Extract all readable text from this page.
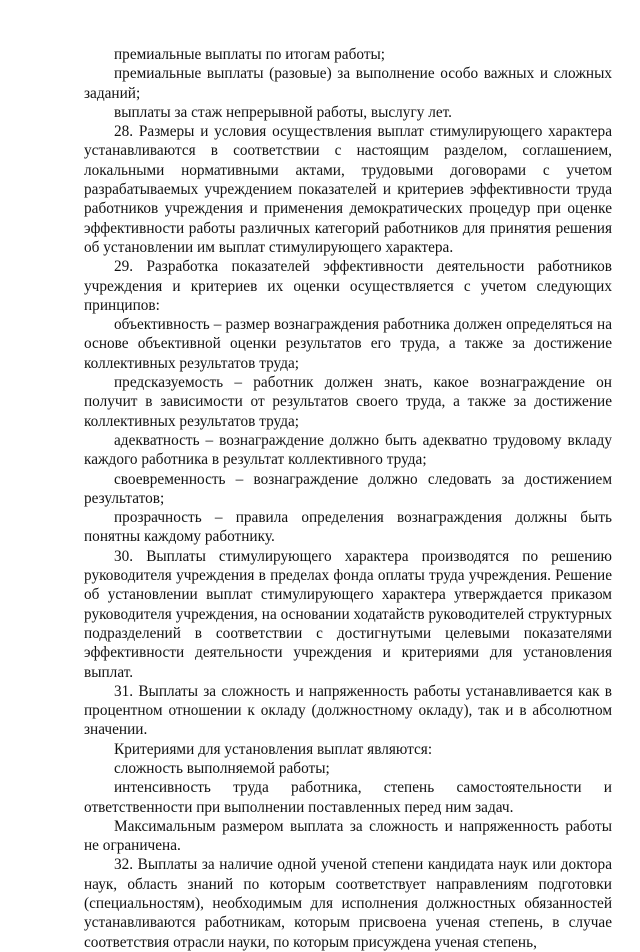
премиальные выплаты по итогам работы;

премиальные выплаты (разовые) за выполнение особо важных и сложных заданий;

выплаты за стаж непрерывной работы, выслугу лет.

28. Размеры и условия осуществления выплат стимулирующего характера устанавливаются в соответствии с настоящим разделом, соглашением, локальными нормативными актами, трудовыми договорами с учетом разрабатываемых учреждением показателей и критериев эффективности труда работников учреждения и применения демократических процедур при оценке эффективности работы различных категорий работников для принятия решения об установлении им выплат стимулирующего характера.

29. Разработка показателей эффективности деятельности работников учреждения и критериев их оценки осуществляется с учетом следующих принципов:

объективность – размер вознаграждения работника должен определяться на основе объективной оценки результатов его труда, а также за достижение коллективных результатов труда;

предсказуемость – работник должен знать, какое вознаграждение он получит в зависимости от результатов своего труда, а также за достижение коллективных результатов труда;

адекватность – вознаграждение должно быть адекватно трудовому вкладу каждого работника в результат коллективного труда;

своевременность – вознаграждение должно следовать за достижением результатов;

прозрачность – правила определения вознаграждения должны быть понятны каждому работнику.

30. Выплаты стимулирующего характера производятся по решению руководителя учреждения в пределах фонда оплаты труда учреждения. Решение об установлении выплат стимулирующего характера утверждается приказом руководителя учреждения, на основании ходатайств руководителей структурных подразделений в соответствии с достигнутыми целевыми показателями эффективности деятельности учреждения и критериями для установления выплат.

31. Выплаты за сложность и напряженность работы устанавливается как в процентном отношении к окладу (должностному окладу), так и в абсолютном значении.

Критериями для установления выплат являются:

сложность выполняемой работы;

интенсивность труда работника, степень самостоятельности и ответственности при выполнении поставленных перед ним задач.

Максимальным размером выплата за сложность и напряженность работы не ограничена.

32. Выплаты за наличие одной ученой степени кандидата наук или доктора наук, область знаний по которым соответствует направлениям подготовки (специальностям), необходимым для исполнения должностных обязанностей устанавливаются работникам, которым присвоена ученая степень, в случае соответствия отрасли науки, по которым присуждена ученая степень,
